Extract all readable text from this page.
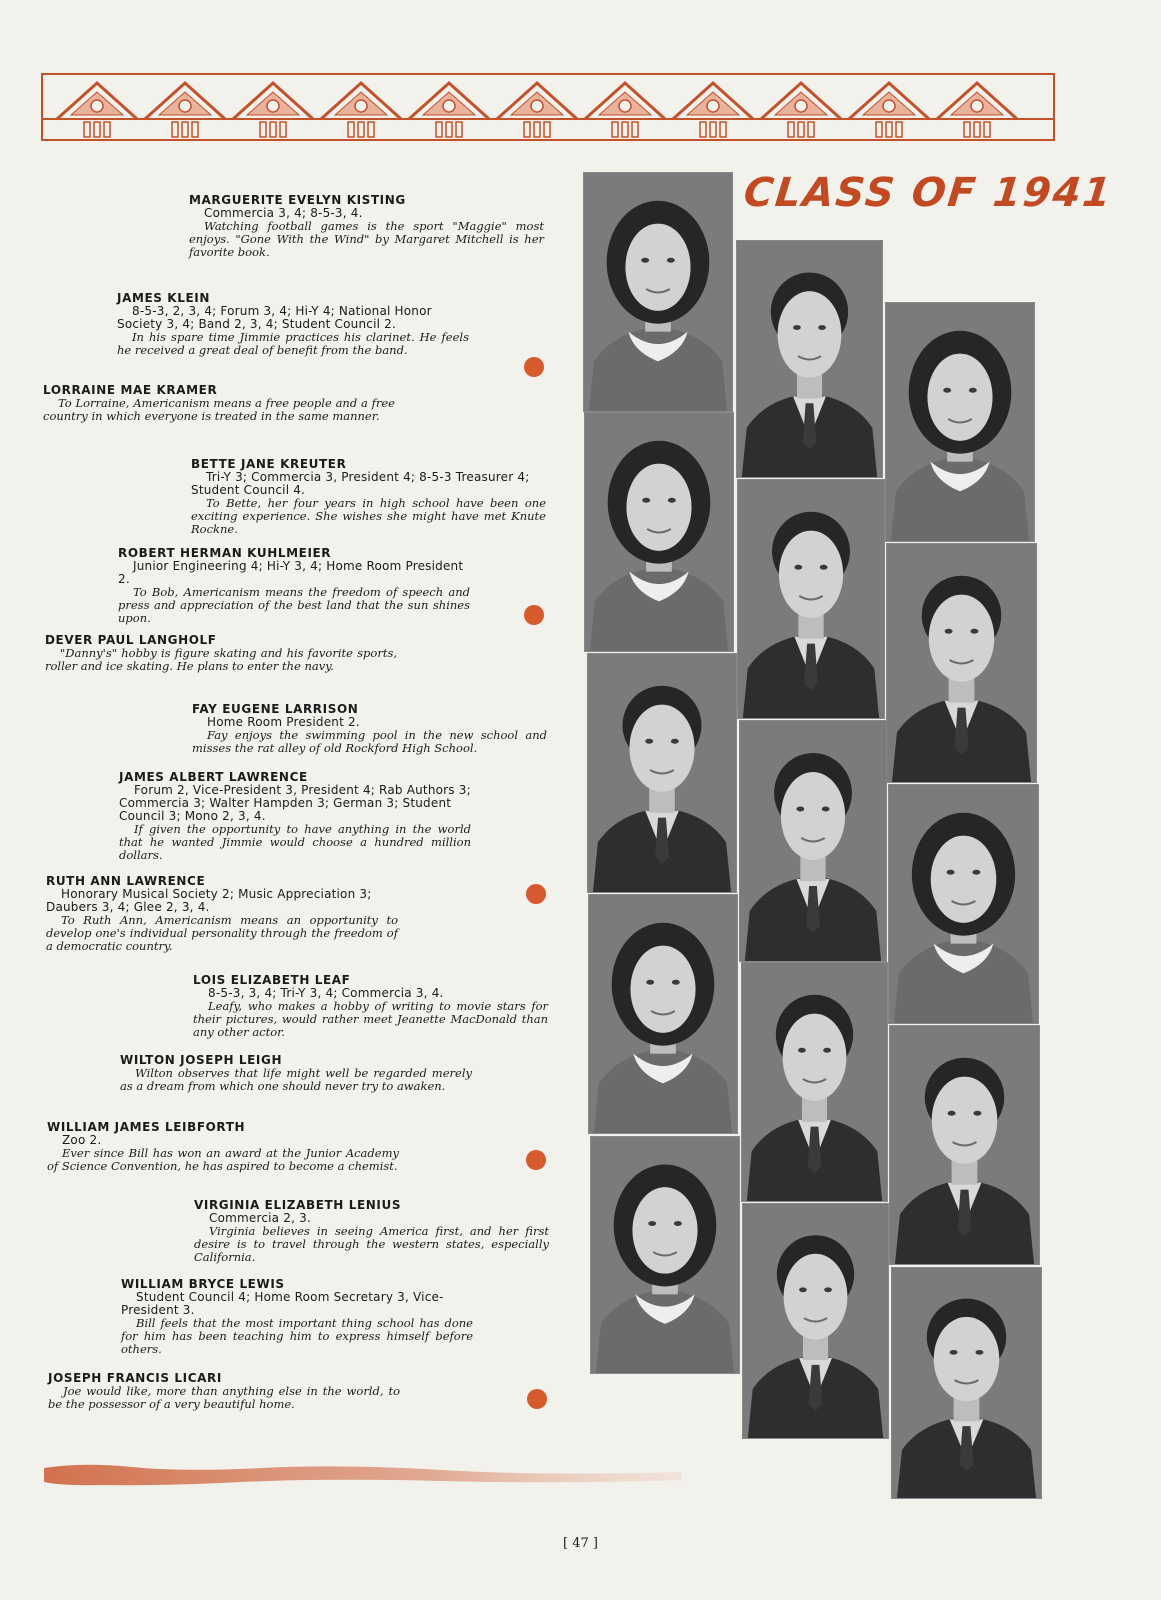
CLASS OF 1941
MARGUERITE EVELYN KISTING
Commercia 3, 4; 8-5-3, 4.
Watching football games is the sport "Maggie" most enjoys. "Gone With the Wind" by Margaret Mitchell is her favorite book.
JAMES KLEIN
8-5-3, 2, 3, 4; Forum 3, 4; Hi-Y 4; National Honor Society 3, 4; Band 2, 3, 4; Student Council 2.
In his spare time Jimmie practices his clarinet. He feels he received a great deal of benefit from the band.
LORRAINE MAE KRAMER
To Lorraine, Americanism means a free people and a free country in which everyone is treated in the same manner.
BETTE JANE KREUTER
Tri-Y 3; Commercia 3, President 4; 8-5-3 Treasurer 4; Student Council 4.
To Bette, her four years in high school have been one exciting experience. She wishes she might have met Knute Rockne.
ROBERT HERMAN KUHLMEIER
Junior Engineering 4; Hi-Y 3, 4; Home Room President 2.
To Bob, Americanism means the freedom of speech and press and appreciation of the best land that the sun shines upon.
DEVER PAUL LANGHOLF
"Danny's" hobby is figure skating and his favorite sports, roller and ice skating. He plans to enter the navy.
FAY EUGENE LARRISON
Home Room President 2.
Fay enjoys the swimming pool in the new school and misses the rat alley of old Rockford High School.
JAMES ALBERT LAWRENCE
Forum 2, Vice-President 3, President 4; Rab Authors 3; Commercia 3; Walter Hampden 3; German 3; Student Council 3; Mono 2, 3, 4.
If given the opportunity to have anything in the world that he wanted Jimmie would choose a hundred million dollars.
RUTH ANN LAWRENCE
Honorary Musical Society 2; Music Appreciation 3; Daubers 3, 4; Glee 2, 3, 4.
To Ruth Ann, Americanism means an opportunity to develop one's individual personality through the freedom of a democratic country.
LOIS ELIZABETH LEAF
8-5-3, 3, 4; Tri-Y 3, 4; Commercia 3, 4.
Leafy, who makes a hobby of writing to movie stars for their pictures, would rather meet Jeanette MacDonald than any other actor.
WILTON JOSEPH LEIGH
Wilton observes that life might well be regarded merely as a dream from which one should never try to awaken.
WILLIAM JAMES LEIBFORTH
Zoo 2.
Ever since Bill has won an award at the Junior Academy of Science Convention, he has aspired to become a chemist.
VIRGINIA ELIZABETH LENIUS
Commercia 2, 3.
Virginia believes in seeing America first, and her first desire is to travel through the western states, especially California.
WILLIAM BRYCE LEWIS
Student Council 4; Home Room Secretary 3, Vice-President 3.
Bill feels that the most important thing school has done for him has been teaching him to express himself before others.
JOSEPH FRANCIS LICARI
Joe would like, more than anything else in the world, to be the possessor of a very beautiful home.
[ 47 ]
